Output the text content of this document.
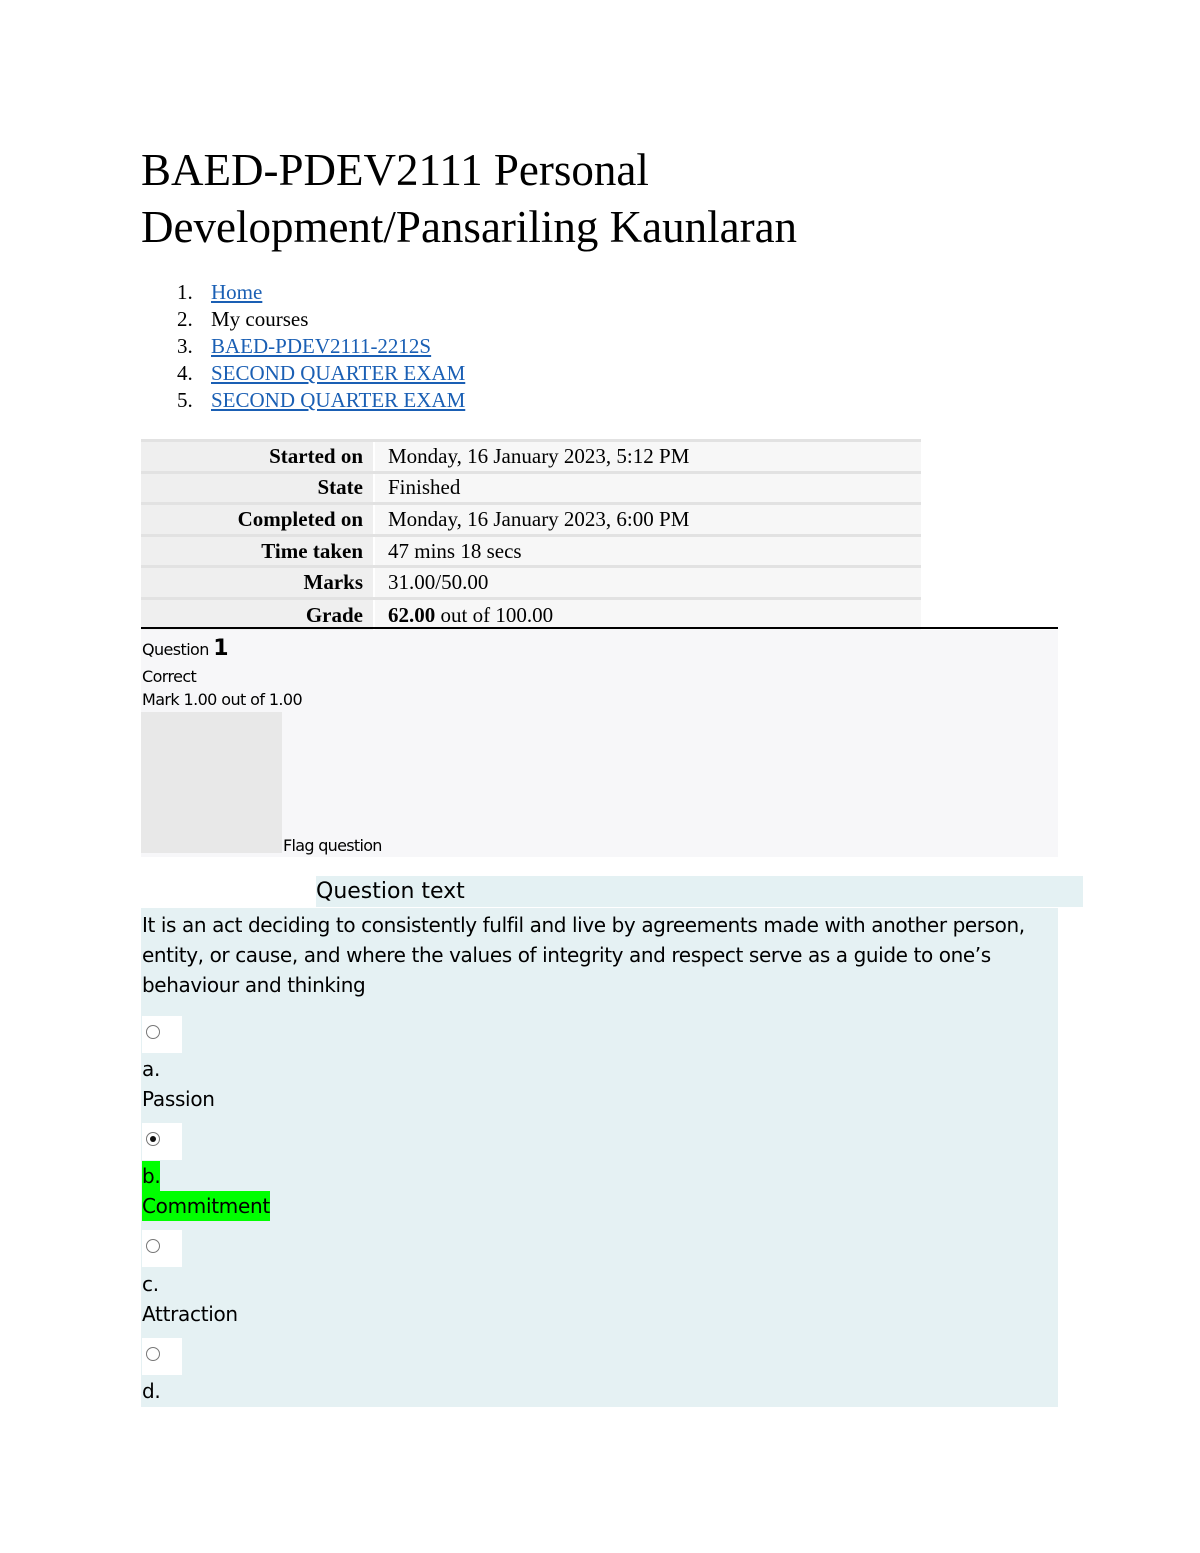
BAED-PDEV2111 Personal Development/Pansariling Kaunlaran
1. Home
2. My courses
3. BAED-PDEV2111-2212S
4. SECOND QUARTER EXAM
5. SECOND QUARTER EXAM
Started on	Monday, 16 January 2023, 5:12 PM
State	Finished
Completed on	Monday, 16 January 2023, 6:00 PM
Time taken	47 mins 18 secs
Marks	31.00/50.00
Grade	62.00 out of 100.00
Question 1
Correct
Mark 1.00 out of 1.00
Flag question
Question text
It is an act deciding to consistently fulfil and live by agreements made with another person, entity, or cause, and where the values of integrity and respect serve as a guide to one’s behaviour and thinking
a.
Passion
b.
Commitment
c.
Attraction
d.
